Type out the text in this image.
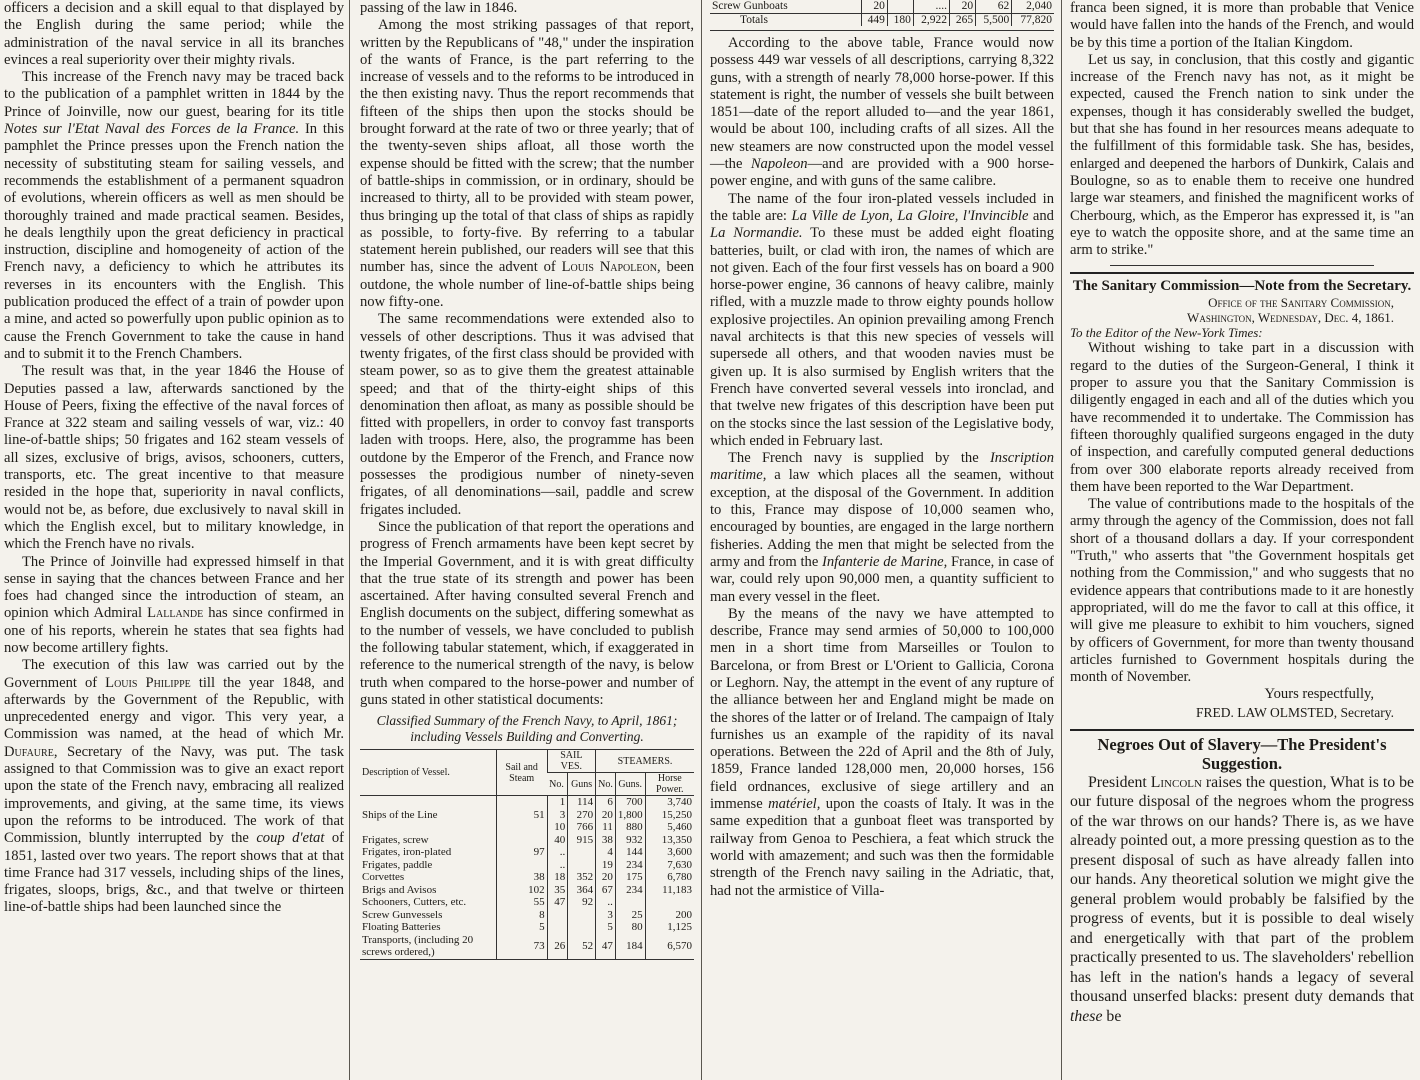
officers a decision and a skill equal to that displayed by the English during the same period; while the administration of the naval service in all its branches evinces a real superiority over their mighty rivals.

This increase of the French navy may be traced back to the publication of a pamphlet written in 1844 by the Prince of Joinville, now our guest, bearing for its title Notes sur l'Etat Naval des Forces de la France. In this pamphlet the Prince presses upon the French nation the necessity of substituting steam for sailing vessels, and recommends the establishment of a permanent squadron of evolutions, wherein officers as well as men should be thoroughly trained and made practical seamen. Besides, he deals lengthily upon the great deficiency in practical instruction, discipline and homogeneity of action of the French navy, a deficiency to which he attributes its reverses in its encounters with the English. This publication produced the effect of a train of powder upon a mine, and acted so powerfully upon public opinion as to cause the French Government to take the cause in hand and to submit it to the French Chambers.

The result was that, in the year 1846 the House of Deputies passed a law, afterwards sanctioned by the House of Peers, fixing the effective of the naval forces of France at 322 steam and sailing vessels of war, viz.: 40 line-of-battle ships; 50 frigates and 162 steam vessels of all sizes, exclusive of brigs, avisos, schooners, cutters, transports, etc. The great incentive to that measure resided in the hope that, superiority in naval conflicts, would not be, as before, due exclusively to naval skill in which the English excel, but to military knowledge, in which the French have no rivals.

The Prince of Joinville had expressed himself in that sense in saying that the chances between France and her foes had changed since the introduction of steam, an opinion which Admiral Lallande has since confirmed in one of his reports, wherein he states that sea fights had now become artillery fights.

The execution of this law was carried out by the Government of Louis Philippe till the year 1848, and afterwards by the Government of the Republic, with unprecedented energy and vigor. This very year, a Commission was named, at the head of which Mr. Dufaure, Secretary of the Navy, was put. The task assigned to that Commission was to give an exact report upon the state of the French navy, embracing all realized improvements, and giving, at the same time, its views upon the reforms to be introduced. The work of that Commission, bluntly interrupted by the coup d'etat of 1851, lasted over two years. The report shows that at that time France had 317 vessels, including ships of the lines, frigates, sloops, brigs, &c., and that twelve or thirteen line-of-battle ships had been launched since the

passing of the law in 1846.

Among the most striking passages of that report, written by the Republicans of "48," under the inspiration of the wants of France, is the part referring to the increase of vessels and to the reforms to be introduced in the then existing navy. Thus the report recommends that fifteen of the ships then upon the stocks should be brought forward at the rate of two or three yearly; that of the twenty-seven ships afloat, all those worth the expense should be fitted with the screw; that the number of battle-ships in commission, or in ordinary, should be increased to thirty, all to be provided with steam power, thus bringing up the total of that class of ships as rapidly as possible, to forty-five. By referring to a tabular statement herein published, our readers will see that this number has, since the advent of Louis Napoleon, been outdone, the whole number of line-of-battle ships being now fifty-one.

The same recommendations were extended also to vessels of other descriptions. Thus it was advised that twenty frigates, of the first class should be provided with steam power, so as to give them the greatest attainable speed; and that of the thirty-eight ships of this denomination then afloat, as many as possible should be fitted with propellers, in order to convoy fast transports laden with troops. Here, also, the programme has been outdone by the Emperor of the French, and France now possesses the prodigious number of ninety-seven frigates, of all denominations—sail, paddle and screw frigates included.

Since the publication of that report the operations and progress of French armaments have been kept secret by the Imperial Government, and it is with great difficulty that the true state of its strength and power has been ascertained. After having consulted several French and English documents on the subject, differing somewhat as to the number of vessels, we have concluded to publish the following tabular statement, which, if exaggerated in reference to the numerical strength of the navy, is below truth when compared to the horse-power and number of guns stated in other statistical documents:

Classified Summary of the French Navy, to April, 1861; including Vessels Building and Converting.

Description of Vessel.	Sail and Steam	SAIL VES.		STEAMERS.		
		No.	Guns	No.	Guns.	Horse Power.
		1	114	6	700	3,740
Ships of the Line	51	3	270	20	1,800	15,250
		10	766	11	880	5,460
Frigates, screw		40	915	38	932	13,350
Frigates, iron-plated	97	..		4	144	3,600
Frigates, paddle		..		19	234	7,630
Corvettes	38	18	352	20	175	6,780
Brigs and Avisos	102	35	364	67	234	11,183
Schooners, Cutters, etc.	55	47	92	..		
Screw Gunvessels	8			3	25	200
Floating Batteries	5			5	80	1,125
Transports, (including 20 screws ordered,)	73	26	52	47	184	6,570
Screw Gunboats	20		....	20	62	2,040
Totals	449	180	2,922	265	5,500	77,820

According to the above table, France would now possess 449 war vessels of all descriptions, carrying 8,322 guns, with a strength of nearly 78,000 horse-power. If this statement is right, the number of vessels she built between 1851—date of the report alluded to—and the year 1861, would be about 100, including crafts of all sizes. All the new steamers are now constructed upon the model vessel—the Napoleon—and are provided with a 900 horse-power engine, and with guns of the same calibre.

The name of the four iron-plated vessels included in the table are: La Ville de Lyon, La Gloire, l'Invincible and La Normandie. To these must be added eight floating batteries, built, or clad with iron, the names of which are not given. Each of the four first vessels has on board a 900 horse-power engine, 36 cannons of heavy calibre, mainly rifled, with a muzzle made to throw eighty pounds hollow explosive projectiles. An opinion prevailing among French naval architects is that this new species of vessels will supersede all others, and that wooden navies must be given up. It is also surmised by English writers that the French have converted several vessels into ironclad, and that twelve new frigates of this description have been put on the stocks since the last session of the Legislative body, which ended in February last.

The French navy is supplied by the Inscription maritime, a law which places all the seamen, without exception, at the disposal of the Government. In addition to this, France may dispose of 10,000 seamen who, encouraged by bounties, are engaged in the large northern fisheries. Adding the men that might be selected from the army and from the Infanterie de Marine, France, in case of war, could rely upon 90,000 men, a quantity sufficient to man every vessel in the fleet.

By the means of the navy we have attempted to describe, France may send armies of 50,000 to 100,000 men in a short time from Marseilles or Toulon to Barcelona, or from Brest or L'Orient to Gallicia, Corona or Leghorn. Nay, the attempt in the event of any rupture of the alliance between her and England might be made on the shores of the latter or of Ireland. The campaign of Italy furnishes us an example of the rapidity of its naval operations. Between the 22d of April and the 8th of July, 1859, France landed 128,000 men, 20,000 horses, 156 field ordnances, exclusive of siege artillery and an immense matériel, upon the coasts of Italy. It was in the same expedition that a gunboat fleet was transported by railway from Genoa to Peschiera, a feat which struck the world with amazement; and such was then the formidable strength of the French navy sailing in the Adriatic, that, had not the armistice of Villa-

franca been signed, it is more than probable that Venice would have fallen into the hands of the French, and would be by this time a portion of the Italian Kingdom.

Let us say, in conclusion, that this costly and gigantic increase of the French navy has not, as it might be expected, caused the French nation to sink under the expenses, though it has considerably swelled the budget, but that she has found in her resources means adequate to the fulfillment of this formidable task. She has, besides, enlarged and deepened the harbors of Dunkirk, Calais and Boulogne, so as to enable them to receive one hundred large war steamers, and finished the magnificent works of Cherbourg, which, as the Emperor has expressed it, is "an eye to watch the opposite shore, and at the same time an arm to strike."

The Sanitary Commission—Note from the Secretary.

Office of the Sanitary Commission,

Washington, Wednesday, Dec. 4, 1861.

To the Editor of the New-York Times:

Without wishing to take part in a discussion with regard to the duties of the Surgeon-General, I think it proper to assure you that the Sanitary Commission is diligently engaged in each and all of the duties which you have recommended it to undertake. The Commission has fifteen thoroughly qualified surgeons engaged in the duty of inspection, and carefully computed general deductions from over 300 elaborate reports already received from them have been reported to the War Department.

The value of contributions made to the hospitals of the army through the agency of the Commission, does not fall short of a thousand dollars a day. If your correspondent "Truth," who asserts that "the Government hospitals get nothing from the Commission," and who suggests that no evidence appears that contributions made to it are honestly appropriated, will do me the favor to call at this office, it will give me pleasure to exhibit to him vouchers, signed by officers of Government, for more than twenty thousand articles furnished to Government hospitals during the month of November.

Yours respectfully,

FRED. LAW OLMSTED, Secretary.

Negroes Out of Slavery—The President's Suggestion.

President Lincoln raises the question, What is to be our future disposal of the negroes whom the progress of the war throws on our hands? There is, as we have already pointed out, a more pressing question as to the present disposal of such as have already fallen into our hands. Any theoretical solution we might give the general problem would probably be falsified by the progress of events, but it is possible to deal wisely and energetically with that part of the problem practically presented to us. The slaveholders' rebellion has left in the nation's hands a legacy of several thousand unserfed blacks: present duty demands that these be
